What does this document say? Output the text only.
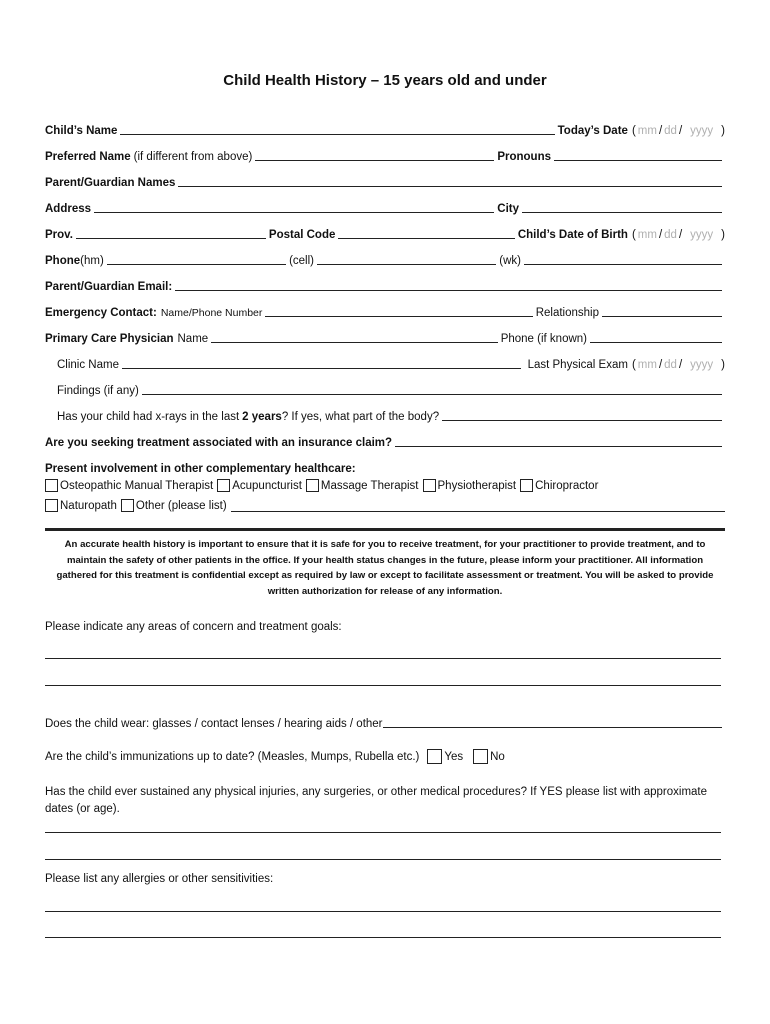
Child Health History – 15 years old and under
Child’s Name	Today’s Date ( mm / dd / yyyy )
Preferred Name (if different from above)	Pronouns
Parent/Guardian Names
Address	City
Prov.	Postal Code	Child’s Date of Birth ( mm / dd / yyyy )
Phone (hm)	(cell)	(wk)
Parent/Guardian Email:
Emergency Contact: Name/Phone Number	Relationship
Primary Care Physician Name	Phone (if known)
Clinic Name	Last Physical Exam ( mm / dd / yyyy )
Findings (if any)
Has your child had x-rays in the last 2 years ? If yes, what part of the body?
Are you seeking treatment associated with an insurance claim?
Present involvement in other complementary healthcare:
Osteopathic Manual Therapist Acupuncturist Massage Therapist Physiotherapist Chiropractor
Naturopath Other (please list)
An accurate health history is important to ensure that it is safe for you to receive treatment, for your practitioner to provide treatment, and to maintain the safety of other patients in the office. If your health status changes in the future, please inform your practitioner. All information gathered for this treatment is confidential except as required by law or except to facilitate assessment or treatment. You will be asked to provide written authorization for release of any information.
Please indicate any areas of concern and treatment goals:
Does the child wear: glasses / contact lenses / hearing aids / other
Are the child’s immunizations up to date? (Measles, Mumps, Rubella etc.) Yes No
Has the child ever sustained any physical injuries, any surgeries, or other medical procedures? If YES please list with approximate dates (or age).
Please list any allergies or other sensitivities:
